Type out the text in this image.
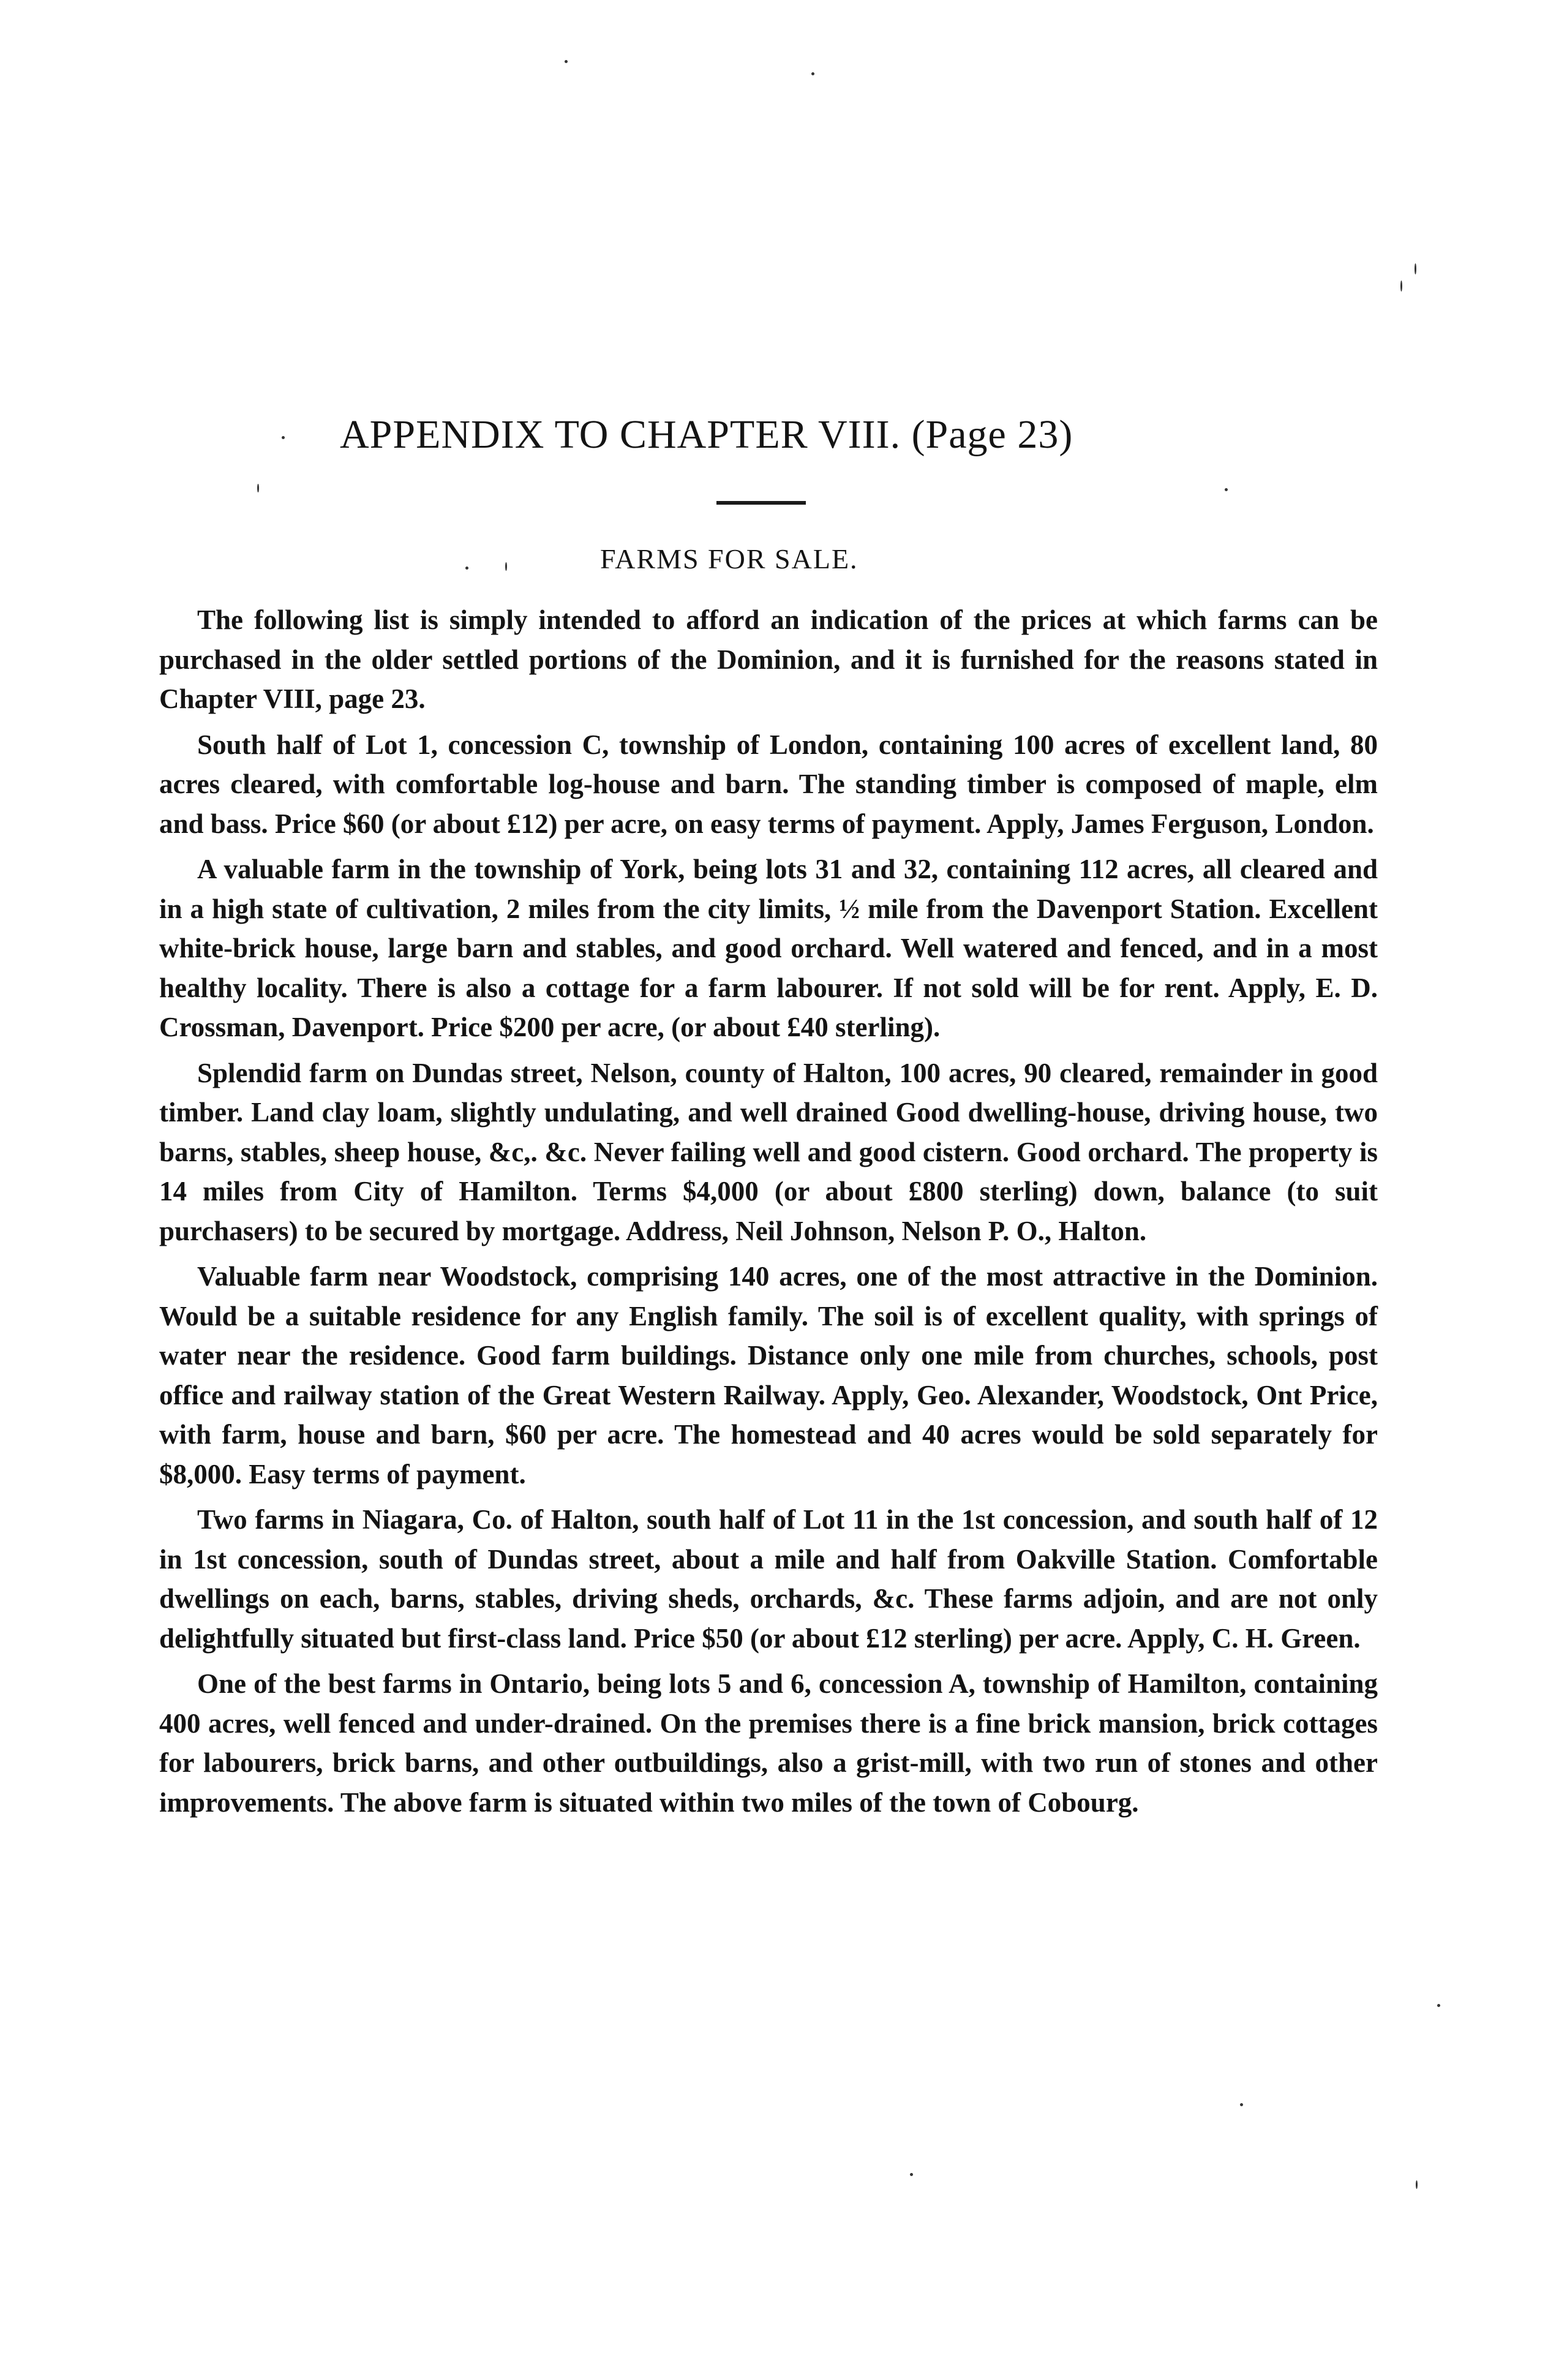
APPENDIX TO CHAPTER VIII. (Page 23)
FARMS FOR SALE.

The following list is simply intended to afford an indication of the prices at which farms can be purchased in the older settled portions of the Dominion, and it is furnished for the reasons stated in Chapter VIII, page 23.

South half of Lot 1, concession C, township of London, containing 100 acres of excellent land, 80 acres cleared, with comfortable log-house and barn. The standing timber is composed of maple, elm and bass. Price $60 (or about £12) per acre, on easy terms of payment. Apply, James Ferguson, London.

A valuable farm in the township of York, being lots 31 and 32, containing 112 acres, all cleared and in a high state of cultivation, 2 miles from the city limits, ½ mile from the Davenport Station. Excellent white-brick house, large barn and stables, and good orchard. Well watered and fenced, and in a most healthy locality. There is also a cottage for a farm labourer. If not sold will be for rent. Apply, E. D. Crossman, Davenport. Price $200 per acre, (or about £40 sterling).

Splendid farm on Dundas street, Nelson, county of Halton, 100 acres, 90 cleared, remainder in good timber. Land clay loam, slightly undulating, and well drained Good dwelling-house, driving house, two barns, stables, sheep house, &c,. &c. Never failing well and good cistern. Good orchard. The property is 14 miles from City of Hamilton. Terms $4,000 (or about £800 sterling) down, balance (to suit purchasers) to be secured by mortgage. Address, Neil Johnson, Nelson P. O., Halton.

Valuable farm near Woodstock, comprising 140 acres, one of the most attractive in the Dominion. Would be a suitable residence for any English family. The soil is of excellent quality, with springs of water near the residence. Good farm buildings. Distance only one mile from churches, schools, post office and railway station of the Great Western Railway. Apply, Geo. Alexander, Woodstock, Ont Price, with farm, house and barn, $60 per acre. The homestead and 40 acres would be sold separately for $8,000. Easy terms of payment.

Two farms in Niagara, Co. of Halton, south half of Lot 11 in the 1st concession, and south half of 12 in 1st concession, south of Dundas street, about a mile and half from Oakville Station. Comfortable dwellings on each, barns, stables, driving sheds, orchards, &c. These farms adjoin, and are not only delightfully situated but first-class land. Price $50 (or about £12 sterling) per acre. Apply, C. H. Green.

One of the best farms in Ontario, being lots 5 and 6, concession A, township of Hamilton, containing 400 acres, well fenced and under-drained. On the premises there is a fine brick mansion, brick cottages for labourers, brick barns, and other outbuildings, also a grist-mill, with two run of stones and other improvements. The above farm is situated within two miles of the town of Cobourg.
